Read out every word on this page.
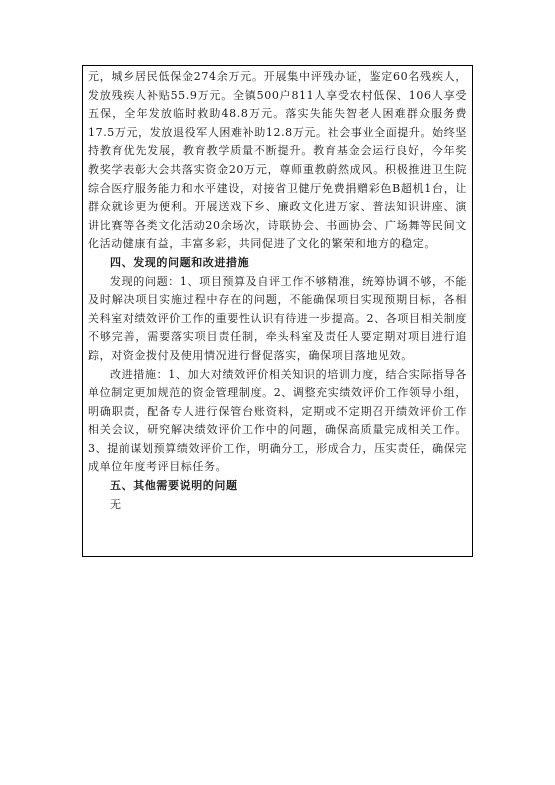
元，城乡居民低保金274余万元。开展集中评残办证，鉴定60名残疾人，发放残疾人补贴55.9万元。全镇500户811人享受农村低保、106人享受五保，全年发放临时救助48.8万元。落实失能失智老人困难群众服务费17.5万元，发放退役军人困难补助12.8万元。社会事业全面提升。始终坚持教育优先发展，教育教学质量不断提升。教育基金会运行良好，今年奖教奖学表彰大会共落实资金20万元，尊师重教蔚然成风。积极推进卫生院综合医疗服务能力和水平建设，对接省卫健厅免费捐赠彩色B超机1台，让群众就诊更为便利。开展送戏下乡、廉政文化进万家、普法知识讲座、演讲比赛等各类文化活动20余场次，诗联协会、书画协会、广场舞等民间文化活动健康有益，丰富多彩，共同促进了文化的繁荣和地方的稳定。

四、发现的问题和改进措施

发现的问题：1、项目预算及自评工作不够精准，统筹协调不够，不能及时解决项目实施过程中存在的问题，不能确保项目实现预期目标，各相关科室对绩效评价工作的重要性认识有待进一步提高。2、各项目相关制度不够完善，需要落实项目责任制，牵头科室及责任人要定期对项目进行追踪，对资金拨付及使用情况进行督促落实，确保项目落地见效。

改进措施：1、加大对绩效评价相关知识的培训力度，结合实际指导各单位制定更加规范的资金管理制度。2、调整充实绩效评价工作领导小组，明确职责，配备专人进行保管台账资料，定期或不定期召开绩效评价工作相关会议，研究解决绩效评价工作中的问题，确保高质量完成相关工作。3、提前谋划预算绩效评价工作，明确分工，形成合力，压实责任，确保完成单位年度考评目标任务。

五、其他需要说明的问题

无
